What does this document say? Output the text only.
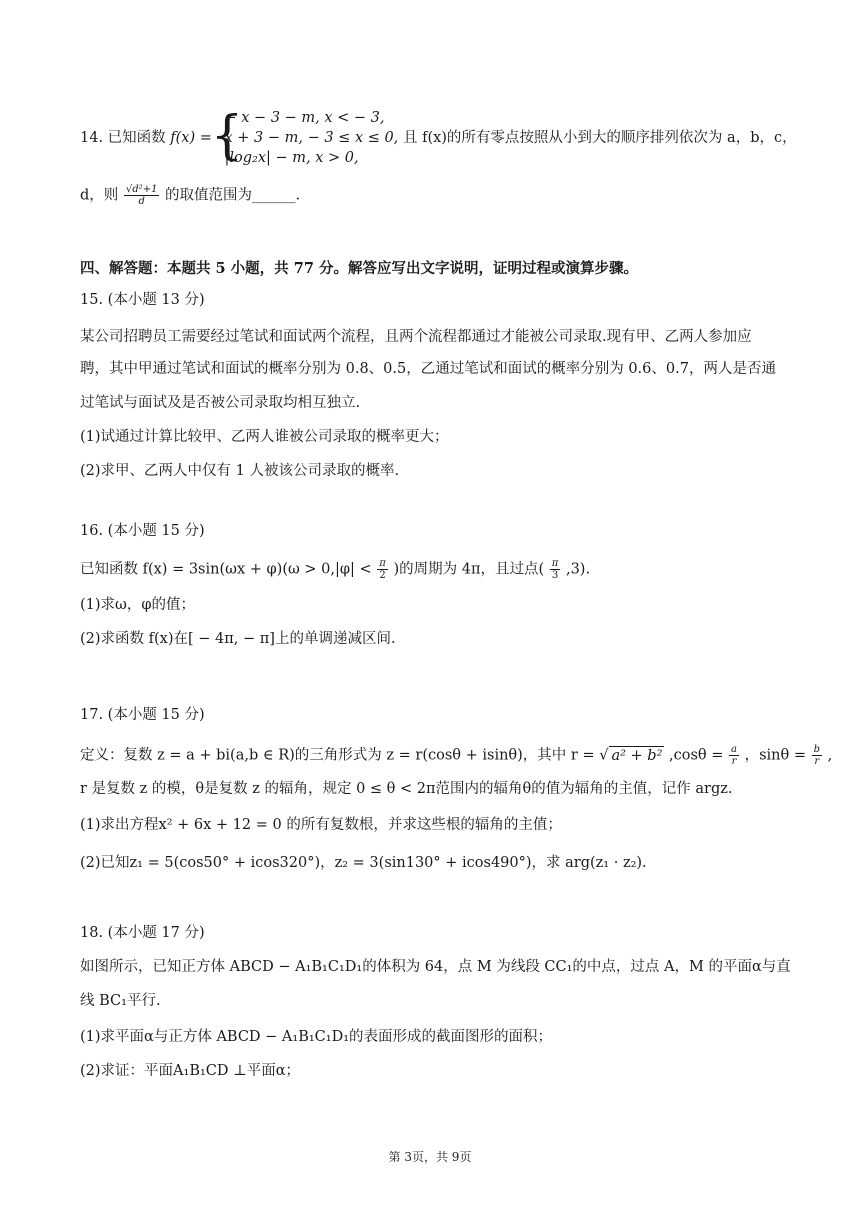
14. 已知函数 f(x) =
{
− x − 3 − m, x < − 3,
x + 3 − m, − 3 ≤ x ≤ 0,
|log₂x| − m, x > 0,
且 f(x)的所有零点按照从小到大的顺序排列依次为 a，b，c，
d，则 $\frac{\text{√d²+1}}{d}$ 的取值范围为______.
四、解答题：本题共 5 小题，共 77 分。解答应写出文字说明，证明过程或演算步骤。
15. (本小题 13 分)
某公司招聘员工需要经过笔试和面试两个流程，且两个流程都通过才能被公司录取.现有甲、乙两人参加应
聘，其中甲通过笔试和面试的概率分别为 0.8、0.5，乙通过笔试和面试的概率分别为 0.6、0.7，两人是否通
过笔试与面试及是否被公司录取均相互独立.
(1)试通过计算比较甲、乙两人谁被公司录取的概率更大；
(2)求甲、乙两人中仅有 1 人被该公司录取的概率.
16. (本小题 15 分)
已知函数 $f(x) = 3\sin(\omega x + \varphi)(\omega > 0,|\varphi| < \frac{\pi}{2}$ )的周期为 4π，且过点( $\frac{\pi}{3} ,3$).
(1)求ω，φ的值；
(2)求函数 f(x)在[ − 4π, − π]上的单调递减区间.
17. (本小题 15 分)
定义：复数 z = a + bi(a,b ∈ R)的三角形式为 z = r(cosθ + isinθ)，其中 r = √ a² + b² $,\cos\theta = \frac{a}{r}$ ，$\sin\theta = \frac{b}{r}$ ,
r 是复数 z 的模，θ是复数 z 的辐角，规定 0 ≤ θ < 2π范围内的辐角θ的值为辐角的主值，记作 argz.
(1)求出方程x² + 6x + 12 = 0 的所有复数根，并求这些根的辐角的主值；
(2)已知z₁ = 5(cos50° + icos320°)，z₂ = 3(sin130° + icos490°)，求 arg(z₁ · z₂).
18. (本小题 17 分)
如图所示，已知正方体 ABCD − A₁B₁C₁D₁的体积为 64，点 M 为线段 CC₁的中点，过点 A，M 的平面α与直
线 BC₁平行.
(1)求平面α与正方体 ABCD − A₁B₁C₁D₁的表面形成的截面图形的面积；
(2)求证：平面A₁B₁CD ⊥平面α；
第 3页，共 9页
